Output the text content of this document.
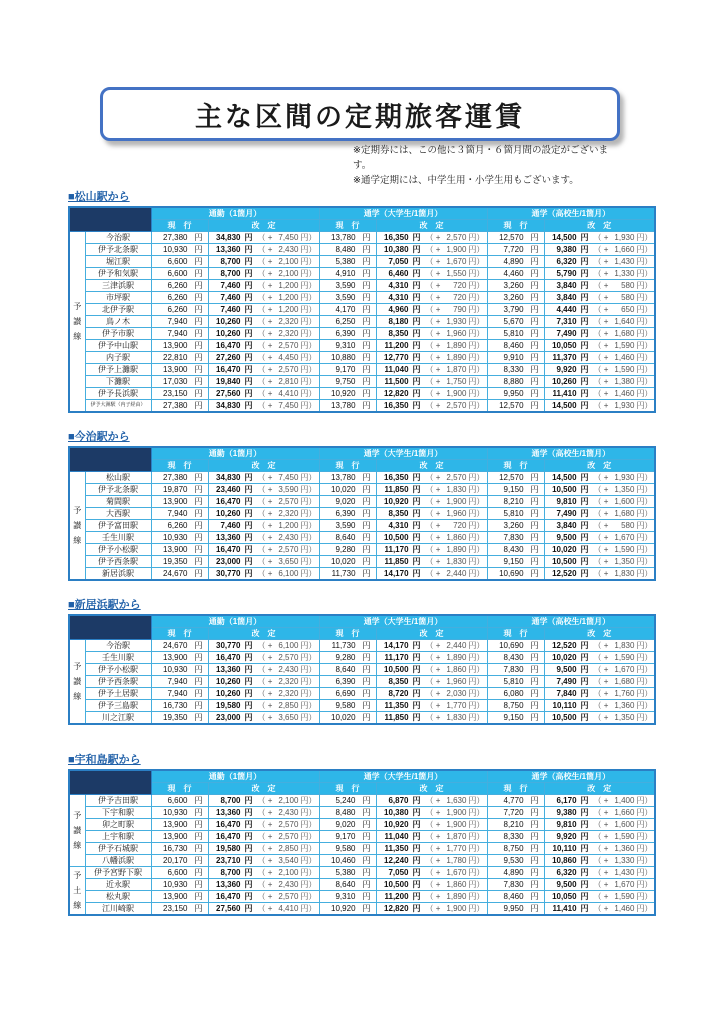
主な区間の定期旅客運賃
※定期券には、この他に３箇月・６箇月間の設定がございます。
※通学定期には、中学生用・小学生用もございます。
■松山駅から
		通勤（1箇月）		通学（大学生/1箇月）		通学（高校生/1箇月）	
		現　行	改　定	現　行	改　定	現　行	改　定

予
讃
線	今治駅	27,380 円	34,830 円 （ + 7,450 円）	13,780 円	16,350 円 （ + 2,570 円）	12,570 円	14,500 円 （ + 1,930 円）
	伊予北条駅	10,930 円	13,360 円 （ + 2,430 円）	8,480 円	10,380 円 （ + 1,900 円）	7,720 円	9,380 円 （ + 1,660 円）
	堀江駅	6,600 円	8,700 円 （ + 2,100 円）	5,380 円	7,050 円 （ + 1,670 円）	4,890 円	6,320 円 （ + 1,430 円）
	伊予和気駅	6,600 円	8,700 円 （ + 2,100 円）	4,910 円	6,460 円 （ + 1,550 円）	4,460 円	5,790 円 （ + 1,330 円）
	三津浜駅	6,260 円	7,460 円 （ + 1,200 円）	3,590 円	4,310 円 （ + 720 円）	3,260 円	3,840 円 （ + 580 円）
	市坪駅	6,260 円	7,460 円 （ + 1,200 円）	3,590 円	4,310 円 （ + 720 円）	3,260 円	3,840 円 （ + 580 円）
	北伊予駅	6,260 円	7,460 円 （ + 1,200 円）	4,170 円	4,960 円 （ + 790 円）	3,790 円	4,440 円 （ + 650 円）
	鳥ノ木	7,940 円	10,260 円 （ + 2,320 円）	6,250 円	8,180 円 （ + 1,930 円）	5,670 円	7,310 円 （ + 1,640 円）
	伊予市駅	7,940 円	10,260 円 （ + 2,320 円）	6,390 円	8,350 円 （ + 1,960 円）	5,810 円	7,490 円 （ + 1,680 円）
	伊予中山駅	13,900 円	16,470 円 （ + 2,570 円）	9,310 円	11,200 円 （ + 1,890 円）	8,460 円	10,050 円 （ + 1,590 円）
	内子駅	22,810 円	27,260 円 （ + 4,450 円）	10,880 円	12,770 円 （ + 1,890 円）	9,910 円	11,370 円 （ + 1,460 円）
	伊予上灘駅	13,900 円	16,470 円 （ + 2,570 円）	9,170 円	11,040 円 （ + 1,870 円）	8,330 円	9,920 円 （ + 1,590 円）
	下灘駅	17,030 円	19,840 円 （ + 2,810 円）	9,750 円	11,500 円 （ + 1,750 円）	8,880 円	10,260 円 （ + 1,380 円）
	伊予長浜駅	23,150 円	27,560 円 （ + 4,410 円）	10,920 円	12,820 円 （ + 1,900 円）	9,950 円	11,410 円 （ + 1,460 円）
	伊予大洲駅（内子経由）	27,380 円	34,830 円 （ + 7,450 円）	13,780 円	16,350 円 （ + 2,570 円）	12,570 円	14,500 円 （ + 1,930 円）
■今治駅から
		通勤（1箇月）		通学（大学生/1箇月）		通学（高校生/1箇月）	
		現　行	改　定	現　行	改　定	現　行	改　定

予
讃
線	松山駅	27,380 円	34,830 円 （ + 7,450 円）	13,780 円	16,350 円 （ + 2,570 円）	12,570 円	14,500 円 （ + 1,930 円）
	伊予北条駅	19,870 円	23,460 円 （ + 3,590 円）	10,020 円	11,850 円 （ + 1,830 円）	9,150 円	10,500 円 （ + 1,350 円）
	菊間駅	13,900 円	16,470 円 （ + 2,570 円）	9,020 円	10,920 円 （ + 1,900 円）	8,210 円	9,810 円 （ + 1,600 円）
	大西駅	7,940 円	10,260 円 （ + 2,320 円）	6,390 円	8,350 円 （ + 1,960 円）	5,810 円	7,490 円 （ + 1,680 円）
	伊予富田駅	6,260 円	7,460 円 （ + 1,200 円）	3,590 円	4,310 円 （ + 720 円）	3,260 円	3,840 円 （ + 580 円）
	壬生川駅	10,930 円	13,360 円 （ + 2,430 円）	8,640 円	10,500 円 （ + 1,860 円）	7,830 円	9,500 円 （ + 1,670 円）
	伊予小松駅	13,900 円	16,470 円 （ + 2,570 円）	9,280 円	11,170 円 （ + 1,890 円）	8,430 円	10,020 円 （ + 1,590 円）
	伊予西条駅	19,350 円	23,000 円 （ + 3,650 円）	10,020 円	11,850 円 （ + 1,830 円）	9,150 円	10,500 円 （ + 1,350 円）
	新居浜駅	24,670 円	30,770 円 （ + 6,100 円）	11,730 円	14,170 円 （ + 2,440 円）	10,690 円	12,520 円 （ + 1,830 円）
■新居浜駅から
		通勤（1箇月）		通学（大学生/1箇月）		通学（高校生/1箇月）	
		現　行	改　定	現　行	改　定	現　行	改　定

予
讃
線	今治駅	24,670 円	30,770 円 （ + 6,100 円）	11,730 円	14,170 円 （ + 2,440 円）	10,690 円	12,520 円 （ + 1,830 円）
	壬生川駅	13,900 円	16,470 円 （ + 2,570 円）	9,280 円	11,170 円 （ + 1,890 円）	8,430 円	10,020 円 （ + 1,590 円）
	伊予小松駅	10,930 円	13,360 円 （ + 2,430 円）	8,640 円	10,500 円 （ + 1,860 円）	7,830 円	9,500 円 （ + 1,670 円）
	伊予西条駅	7,940 円	10,260 円 （ + 2,320 円）	6,390 円	8,350 円 （ + 1,960 円）	5,810 円	7,490 円 （ + 1,680 円）
	伊予土居駅	7,940 円	10,260 円 （ + 2,320 円）	6,690 円	8,720 円 （ + 2,030 円）	6,080 円	7,840 円 （ + 1,760 円）
	伊予三島駅	16,730 円	19,580 円 （ + 2,850 円）	9,580 円	11,350 円 （ + 1,770 円）	8,750 円	10,110 円 （ + 1,360 円）
	川之江駅	19,350 円	23,000 円 （ + 3,650 円）	10,020 円	11,850 円 （ + 1,830 円）	9,150 円	10,500 円 （ + 1,350 円）
■宇和島駅から
		通勤（1箇月）		通学（大学生/1箇月）		通学（高校生/1箇月）	
		現　行	改　定	現　行	改　定	現　行	改　定

予
讃
線	伊予吉田駅	6,600 円	8,700 円 （ + 2,100 円）	5,240 円	6,870 円 （ + 1,630 円）	4,770 円	6,170 円 （ + 1,400 円）
	下宇和駅	10,930 円	13,360 円 （ + 2,430 円）	8,480 円	10,380 円 （ + 1,900 円）	7,720 円	9,380 円 （ + 1,660 円）
	卯之町駅	13,900 円	16,470 円 （ + 2,570 円）	9,020 円	10,920 円 （ + 1,900 円）	8,210 円	9,810 円 （ + 1,600 円）
	上宇和駅	13,900 円	16,470 円 （ + 2,570 円）	9,170 円	11,040 円 （ + 1,870 円）	8,330 円	9,920 円 （ + 1,590 円）
	伊予石城駅	16,730 円	19,580 円 （ + 2,850 円）	9,580 円	11,350 円 （ + 1,770 円）	8,750 円	10,110 円 （ + 1,360 円）
	八幡浜駅	20,170 円	23,710 円 （ + 3,540 円）	10,460 円	12,240 円 （ + 1,780 円）	9,530 円	10,860 円 （ + 1,330 円）

予
土
線	伊予宮野下駅	6,600 円	8,700 円 （ + 2,100 円）	5,380 円	7,050 円 （ + 1,670 円）	4,890 円	6,320 円 （ + 1,430 円）
	近永駅	10,930 円	13,360 円 （ + 2,430 円）	8,640 円	10,500 円 （ + 1,860 円）	7,830 円	9,500 円 （ + 1,670 円）
	松丸駅	13,900 円	16,470 円 （ + 2,570 円）	9,310 円	11,200 円 （ + 1,890 円）	8,460 円	10,050 円 （ + 1,590 円）
	江川崎駅	23,150 円	27,560 円 （ + 4,410 円）	10,920 円	12,820 円 （ + 1,900 円）	9,950 円	11,410 円 （ + 1,460 円）
